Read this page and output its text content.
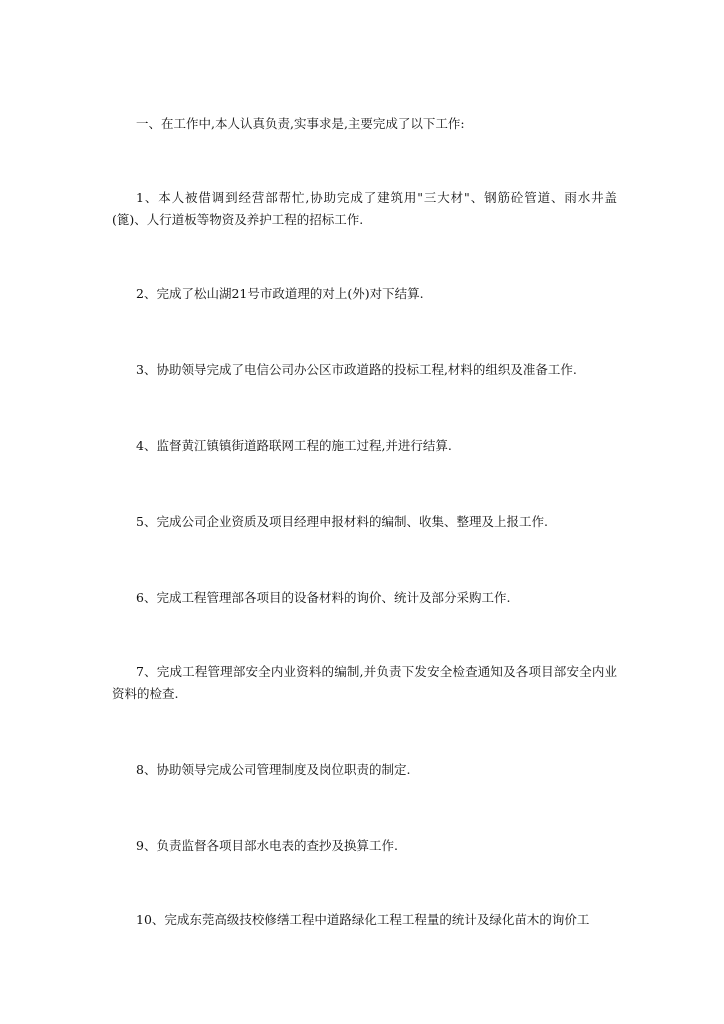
一、在工作中,本人认真负责,实事求是,主要完成了以下工作:

1、本人被借调到经营部帮忙,协助完成了建筑用"三大材"、钢筋砼管道、雨水井盖(篦)、人行道板等物资及养护工程的招标工作.

2、完成了松山湖21号市政道理的对上(外)对下结算.

3、协助领导完成了电信公司办公区市政道路的投标工程,材料的组织及准备工作.

4、监督黄江镇镇街道路联网工程的施工过程,并进行结算.

5、完成公司企业资质及项目经理申报材料的编制、收集、整理及上报工作.

6、完成工程管理部各项目的设备材料的询价、统计及部分采购工作.

7、完成工程管理部安全内业资料的编制,并负责下发安全检查通知及各项目部安全内业资料的检查.

8、协助领导完成公司管理制度及岗位职责的制定.

9、负责监督各项目部水电表的查抄及换算工作.

10、完成东莞高级技校修缮工程中道路绿化工程工程量的统计及绿化苗木的询价工
